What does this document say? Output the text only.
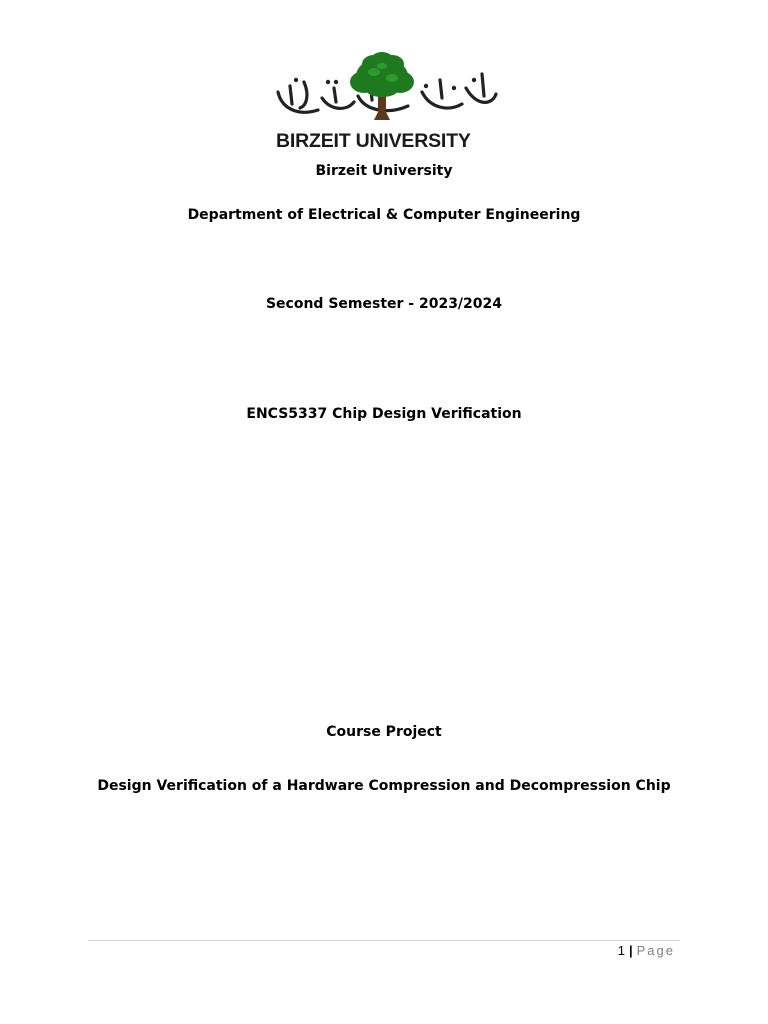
BIRZEIT UNIVERSITY
Birzeit University
Department of Electrical & Computer Engineering
Second Semester - 2023/2024
ENCS5337 Chip Design Verification
Course Project
Design Verification of a Hardware Compression and Decompression Chip
1 | Page
